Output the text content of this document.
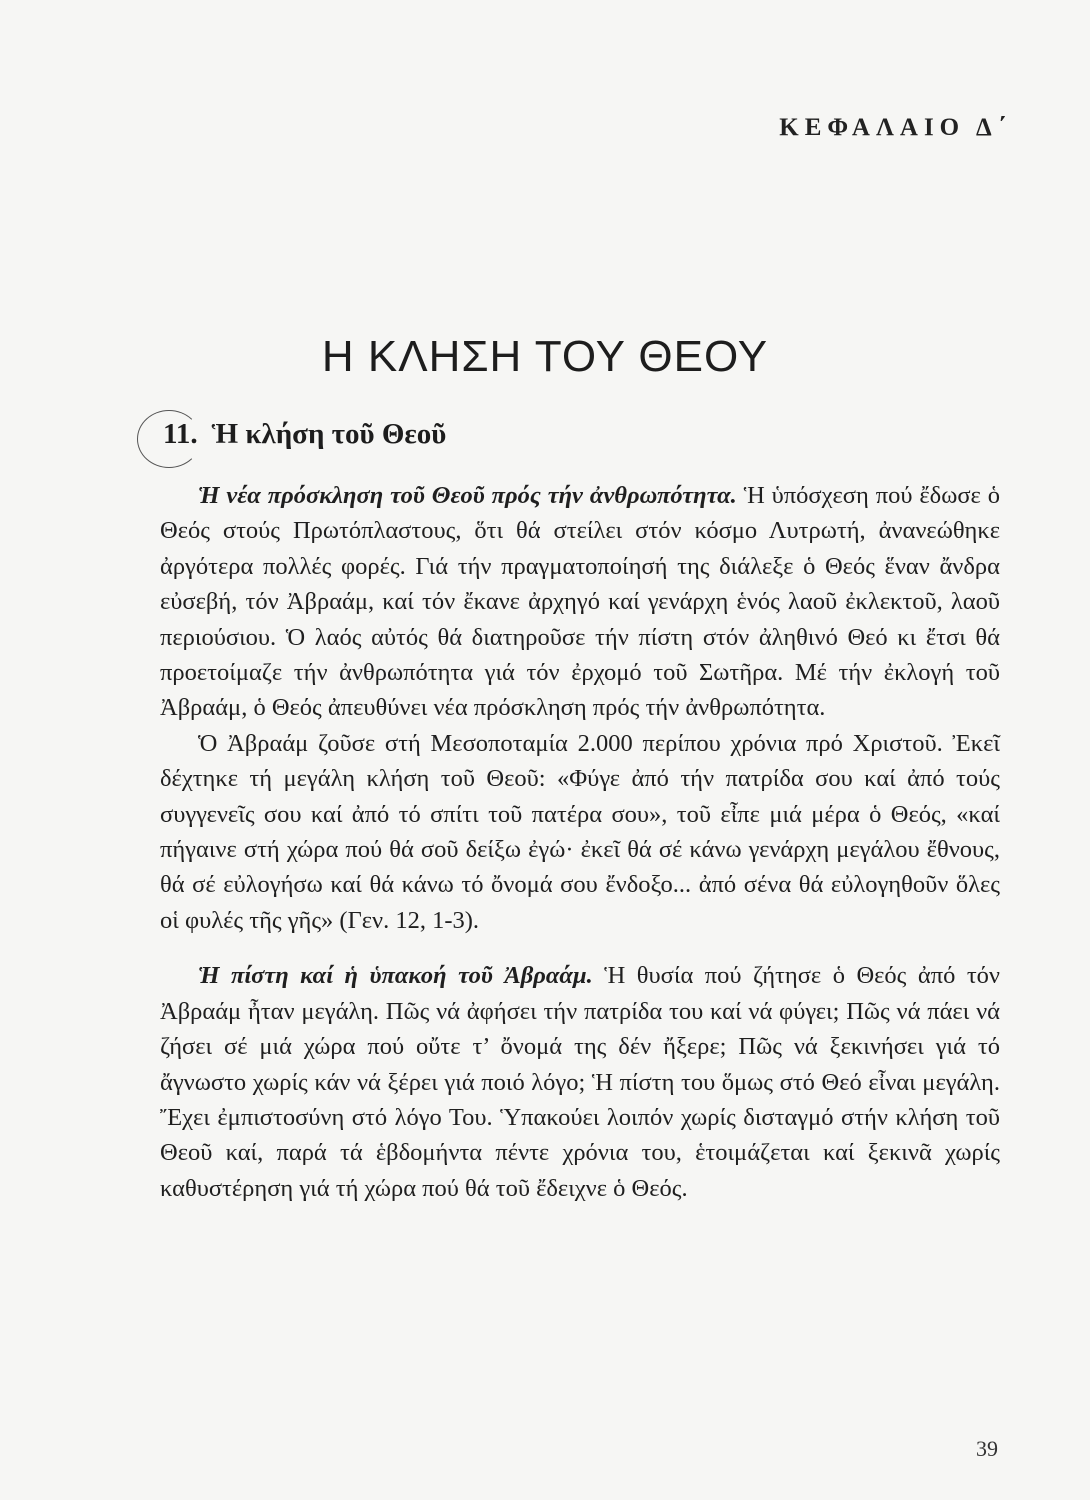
ΚΕΦΑΛΑΙΟ Δ΄
Η ΚΛΗΣΗ ΤΟΥ ΘΕΟΥ
11. Ἡ κλήση τοῦ Θεοῦ

Ἡ νέα πρόσκληση τοῦ Θεοῦ πρός τήν ἀνθρωπότητα. Ἡ ὑπόσχεση πού ἔδωσε ὁ Θεός στούς Πρωτόπλαστους, ὅτι θά στείλει στόν κόσμο Λυτρωτή, ἀνανεώθηκε ἀργότερα πολλές φορές. Γιά τήν πραγματοποίησή της διάλεξε ὁ Θεός ἕναν ἄνδρα εὐσεβή, τόν Ἀβραάμ, καί τόν ἔκανε ἀρχηγό καί γενάρχη ἑνός λαοῦ ἐκλεκτοῦ, λαοῦ περιούσιου. Ὁ λαός αὐτός θά διατηροῦσε τήν πίστη στόν ἀληθινό Θεό κι ἔτσι θά προετοίμαζε τήν ἀνθρωπότητα γιά τόν ἐρχομό τοῦ Σωτῆρα. Μέ τήν ἐκλογή τοῦ Ἀβραάμ, ὁ Θεός ἀπευθύνει νέα πρόσκληση πρός τήν ἀνθρωπότητα.

Ὁ Ἀβραάμ ζοῦσε στή Μεσοποταμία 2.000 περίπου χρόνια πρό Χριστοῦ. Ἐκεῖ δέχτηκε τή μεγάλη κλήση τοῦ Θεοῦ: «Φύγε ἀπό τήν πατρίδα σου καί ἀπό τούς συγγενεῖς σου καί ἀπό τό σπίτι τοῦ πατέρα σου», τοῦ εἶπε μιά μέρα ὁ Θεός, «καί πήγαινε στή χώρα πού θά σοῦ δείξω ἐγώ· ἐκεῖ θά σέ κάνω γενάρχη μεγάλου ἔθνους, θά σέ εὐλογήσω καί θά κάνω τό ὄνομά σου ἔνδοξο... ἀπό σένα θά εὐλογηθοῦν ὅλες οἱ φυλές τῆς γῆς» (Γεν. 12, 1-3).

Ἡ πίστη καί ἡ ὑπακοή τοῦ Ἀβραάμ. Ἡ θυσία πού ζήτησε ὁ Θεός ἀπό τόν Ἀβραάμ ἦταν μεγάλη. Πῶς νά ἀφήσει τήν πατρίδα του καί νά φύγει; Πῶς νά πάει νά ζήσει σέ μιά χώρα πού οὔτε τ’ ὄνομά της δέν ἤξερε; Πῶς νά ξεκινήσει γιά τό ἄγνωστο χωρίς κάν νά ξέρει γιά ποιό λόγο; Ἡ πίστη του ὅμως στό Θεό εἶναι μεγάλη. Ἔχει ἐμπιστοσύνη στό λόγο Του. Ὑπακούει λοιπόν χωρίς δισταγμό στήν κλήση τοῦ Θεοῦ καί, παρά τά ἑβδομήντα πέντε χρόνια του, ἑτοιμάζεται καί ξεκινᾶ χωρίς καθυστέρηση γιά τή χώρα πού θά τοῦ ἔδειχνε ὁ Θεός.

39
